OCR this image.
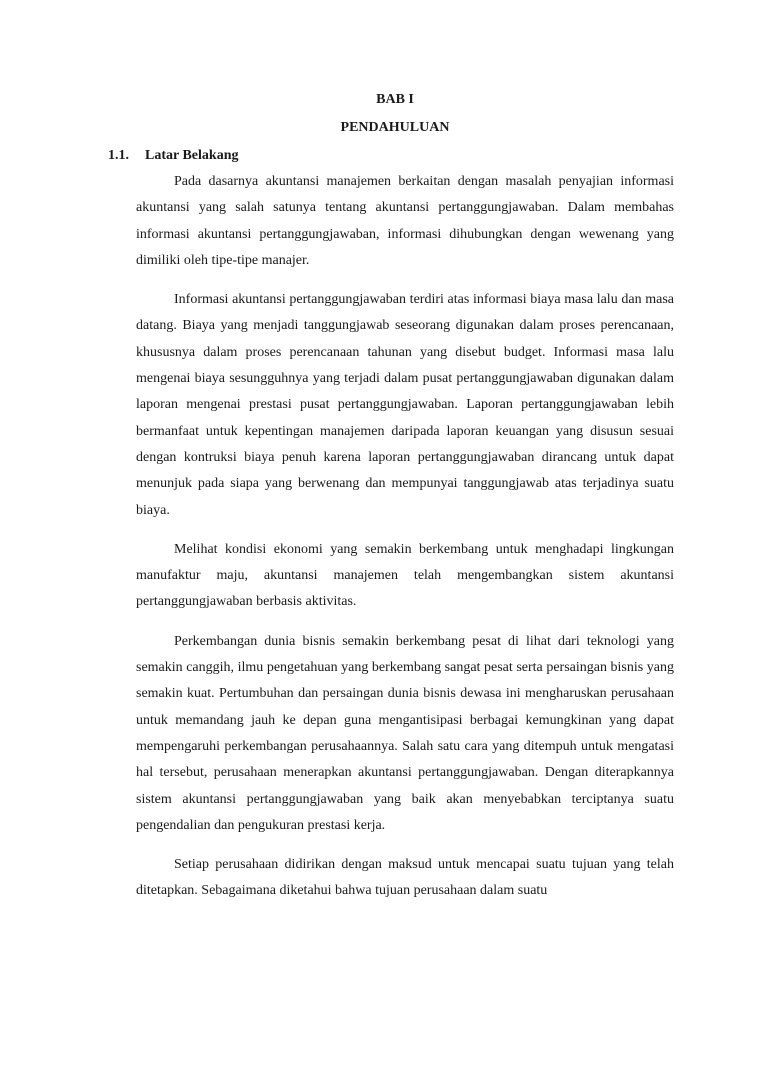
BAB I
PENDAHULUAN
1.1. Latar Belakang

Pada dasarnya akuntansi manajemen berkaitan dengan masalah penyajian informasi akuntansi yang salah satunya tentang akuntansi pertanggungjawaban. Dalam membahas informasi akuntansi pertanggungjawaban, informasi dihubungkan dengan wewenang yang dimiliki oleh tipe-tipe manajer.

Informasi akuntansi pertanggungjawaban terdiri atas informasi biaya masa lalu dan masa datang. Biaya yang menjadi tanggungjawab seseorang digunakan dalam proses perencanaan, khususnya dalam proses perencanaan tahunan yang disebut budget. Informasi masa lalu mengenai biaya sesungguhnya yang terjadi dalam pusat pertanggungjawaban digunakan dalam laporan mengenai prestasi pusat pertanggungjawaban. Laporan pertanggungjawaban lebih bermanfaat untuk kepentingan manajemen daripada laporan keuangan yang disusun sesuai dengan kontruksi biaya penuh karena laporan pertanggungjawaban dirancang untuk dapat menunjuk pada siapa yang berwenang dan mempunyai tanggungjawab atas terjadinya suatu biaya.

Melihat kondisi ekonomi yang semakin berkembang untuk menghadapi lingkungan manufaktur maju, akuntansi manajemen telah mengembangkan sistem akuntansi pertanggungjawaban berbasis aktivitas.

Perkembangan dunia bisnis semakin berkembang pesat di lihat dari teknologi yang semakin canggih, ilmu pengetahuan yang berkembang sangat pesat serta persaingan bisnis yang semakin kuat. Pertumbuhan dan persaingan dunia bisnis dewasa ini mengharuskan perusahaan untuk memandang jauh ke depan guna mengantisipasi berbagai kemungkinan yang dapat mempengaruhi perkembangan perusahaannya. Salah satu cara yang ditempuh untuk mengatasi hal tersebut, perusahaan menerapkan akuntansi pertanggungjawaban. Dengan diterapkannya sistem akuntansi pertanggungjawaban yang baik akan menyebabkan terciptanya suatu pengendalian dan pengukuran prestasi kerja.

Setiap perusahaan didirikan dengan maksud untuk mencapai suatu tujuan yang telah ditetapkan. Sebagaimana diketahui bahwa tujuan perusahaan dalam suatu
